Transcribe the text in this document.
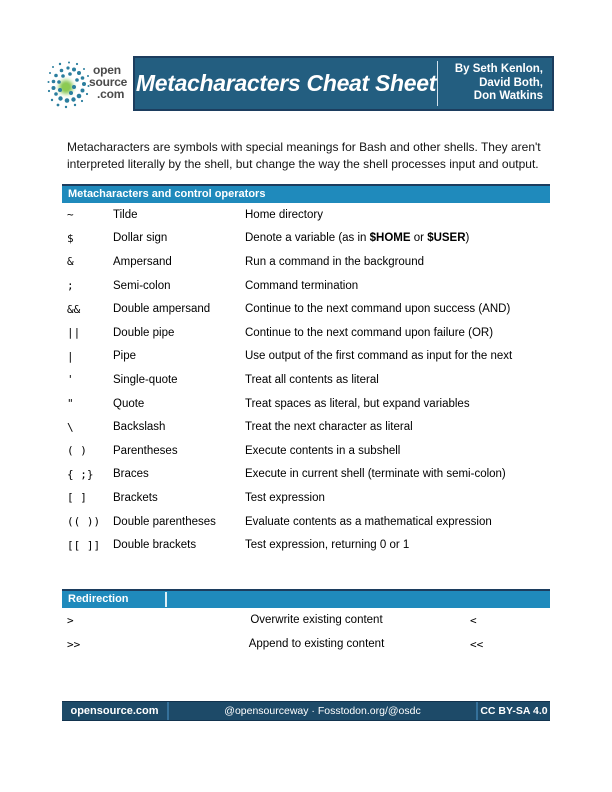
open
source
.com Metacharacters Cheat Sheet
By Seth Kenlon,
David Both,
Don Watkins

Metacharacters are symbols with special meanings for Bash and other shells. They aren't interpreted literally by the shell, but change the way the shell processes input and output.

Metacharacters and control operators
~	Tilde	Home directory
$	Dollar sign	Denote a variable (as in $HOME or $USER)
&	Ampersand	Run a command in the background
;	Semi-colon	Command termination
&&	Double ampersand	Continue to the next command upon success (AND)
||	Double pipe	Continue to the next command upon failure (OR)
|	Pipe	Use output of the first command as input for the next
'	Single-quote	Treat all contents as literal
"	Quote	Treat spaces as literal, but expand variables
\	Backslash	Treat the next character as literal
( )	Parentheses	Execute contents in a subshell
{ ;}	Braces	Execute in current shell (terminate with semi-colon)
[ ]	Brackets	Test expression
(( ))	Double parentheses	Evaluate contents as a mathematical expression
[[ ]]	Double brackets	Test expression, returning 0 or 1
Redirection
>	Overwrite existing content	<
>>	Append to existing content	<<
opensource.com	@opensourceway · Fosstodon.org/@osdc	CC BY-SA 4.0
